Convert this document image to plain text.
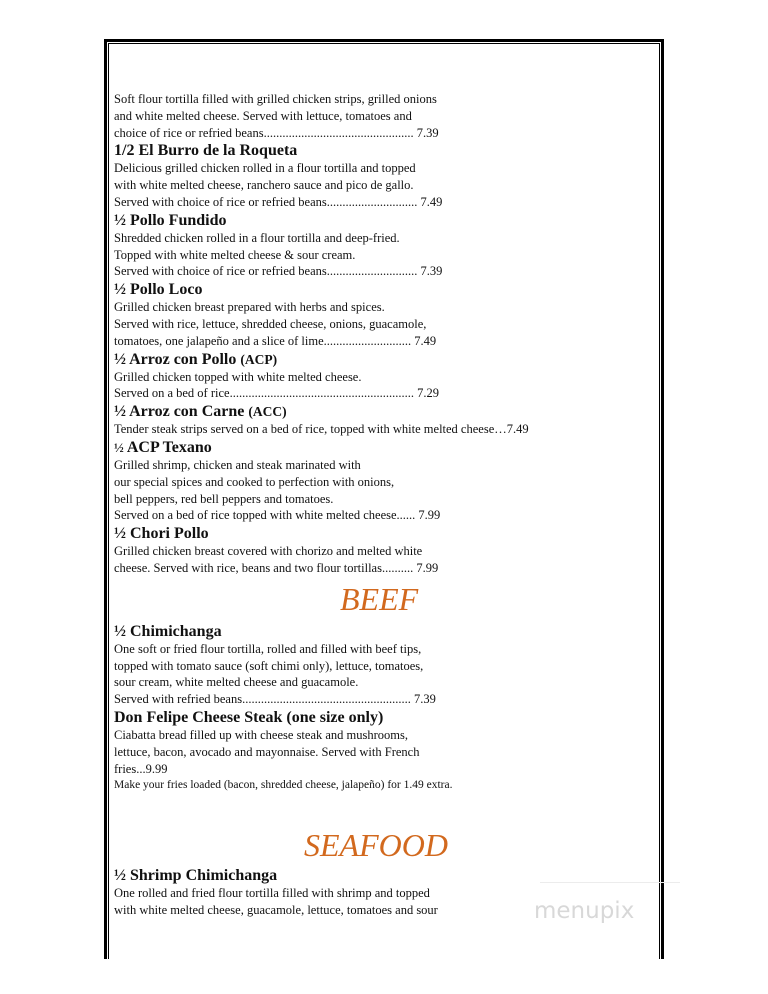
Soft flour tortilla filled with grilled chicken strips, grilled onions
and white melted cheese. Served with lettuce, tomatoes and
choice of rice or refried beans................................................ 7.39
1/2 El Burro de la Roqueta
Delicious grilled chicken rolled in a flour tortilla and topped
with white melted cheese, ranchero sauce and pico de gallo.
Served with choice of rice or refried beans............................. 7.49
½ Pollo Fundido
Shredded chicken rolled in a flour tortilla and deep-fried.
Topped with white melted cheese & sour cream.
Served with choice of rice or refried beans............................. 7.39
½ Pollo Loco
Grilled chicken breast prepared with herbs and spices.
Served with rice, lettuce, shredded cheese, onions, guacamole,
tomatoes, one jalapeño and a slice of lime............................ 7.49
½ Arroz con Pollo (ACP)
Grilled chicken topped with white melted cheese.
Served on a bed of rice........................................................... 7.29
½ Arroz con Carne (ACC)
Tender steak strips served on a bed of rice, topped with white melted cheese…7.49
½ ACP Texano
Grilled shrimp, chicken and steak marinated with
our special spices and cooked to perfection with onions,
bell peppers, red bell peppers and tomatoes.
Served on a bed of rice topped with white melted cheese...... 7.99
½ Chori Pollo
Grilled chicken breast covered with chorizo and melted white
cheese. Served with rice, beans and two flour tortillas.......... 7.99
BEEF
½ Chimichanga
One soft or fried flour tortilla, rolled and filled with beef tips,
topped with tomato sauce (soft chimi only), lettuce, tomatoes,
sour cream, white melted cheese and guacamole.
Served with refried beans...................................................... 7.39
Don Felipe Cheese Steak (one size only)
Ciabatta bread filled up with cheese steak and mushrooms,
lettuce, bacon, avocado and mayonnaise. Served with French
fries...9.99
Make your fries loaded (bacon, shredded cheese, jalapeño) for 1.49 extra.
SEAFOOD
½ Shrimp Chimichanga
One rolled and fried flour tortilla filled with shrimp and topped
with white melted cheese, guacamole, lettuce, tomatoes and sour	menupix
